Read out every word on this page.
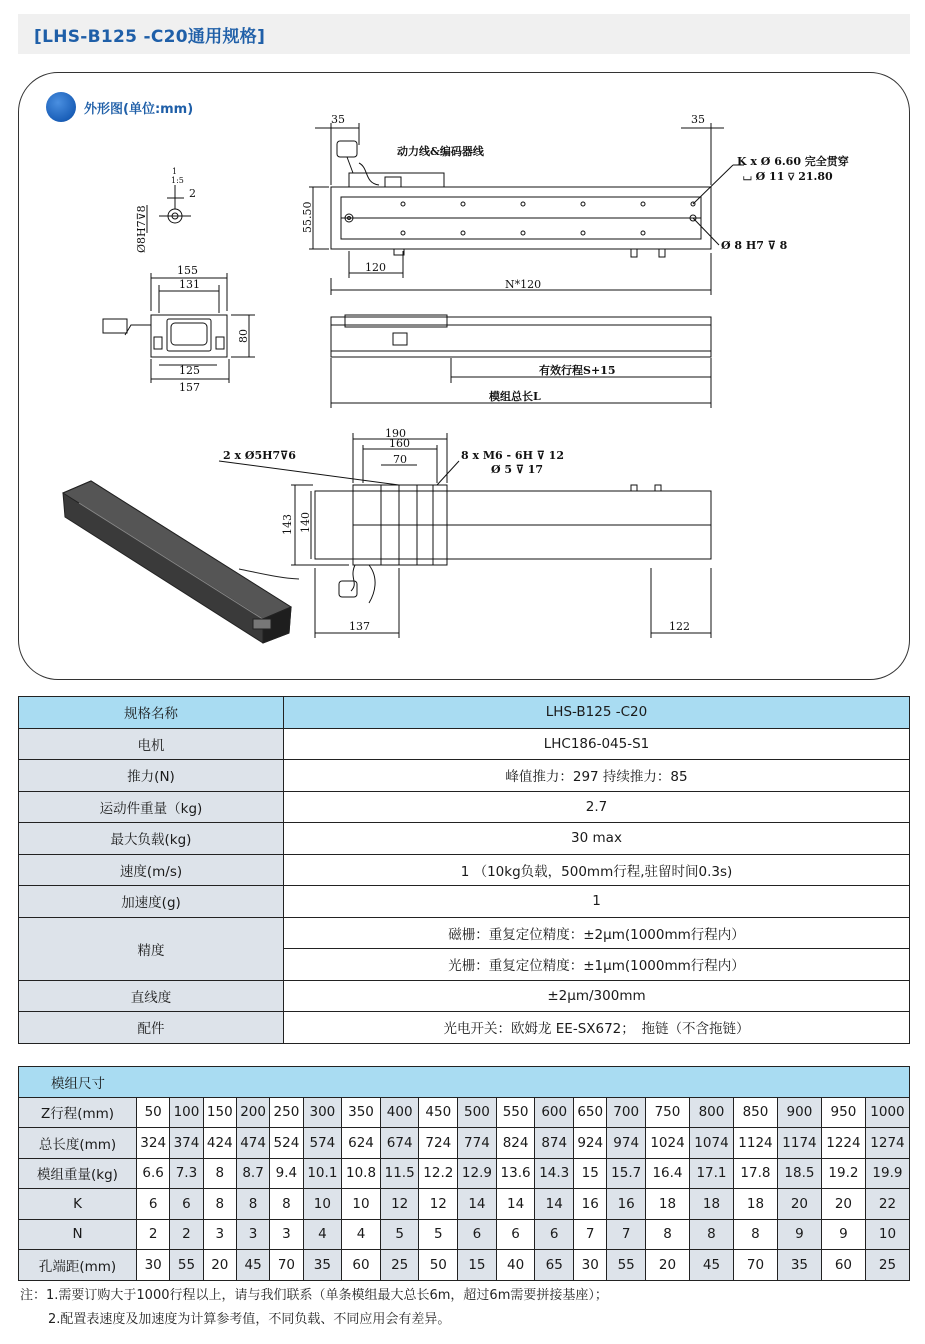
[LHS-B125 -C20通用规格]
35	35
动力线&编码器线
K x Ø 6.60 完全贯穿
⌴ Ø 11 ⊽ 21.80
Ø 8 H7 ⊽ 8
55.50
120
N*120
1:5
1
2
Ø8H7⊽8
155
131
125
157
80
有效行程S+15
模组总长L
190
160
70
2 x Ø5H7⊽6	8 x M6 - 6H ⊽ 12
Ø 5 ⊽ 17
143 140
137	122
外形图(单位:mm)
规格名称	LHS-B125 -C20
电机	LHC186-045-S1
推力(N)	峰值推力：297 持续推力：85
运动件重量（kg)	2.7
最大负载(kg)	30 max
速度(m/s)	1 （10kg负载，500mm行程,驻留时间0.3s)
加速度(g)	1
精度	磁栅：重复定位精度：±2μm(1000mm行程内）
	光栅：重复定位精度：±1μm(1000mm行程内）
直线度	±2μm/300mm
配件	光电开关：欧姆龙 EE-SX672；　拖链（不含拖链）
模组尺寸																				
Z行程(mm)	50	100	150	200	250	300	350	400	450	500	550	600	650	700	750	800	850	900	950	1000
总长度(mm)	324	374	424	474	524	574	624	674	724	774	824	874	924	974	1024	1074	1124	1174	1224	1274
模组重量(kg)	6.6	7.3	8	8.7	9.4	10.1	10.8	11.5	12.2	12.9	13.6	14.3	15	15.7	16.4	17.1	17.8	18.5	19.2	19.9
K	6	6	8	8	8	10	10	12	12	14	14	14	16	16	18	18	18	20	20	22
N	2	2	3	3	3	4	4	5	5	6	6	6	7	7	8	8	8	9	9	10
孔端距(mm)	30	55	20	45	70	35	60	25	50	15	40	65	30	55	20	45	70	35	60	25
注：1.需要订购大于1000行程以上，请与我们联系（单条模组最大总长6m，超过6m需要拼接基座）；
2.配置表速度及加速度为计算参考值，不同负载、不同应用会有差异。
